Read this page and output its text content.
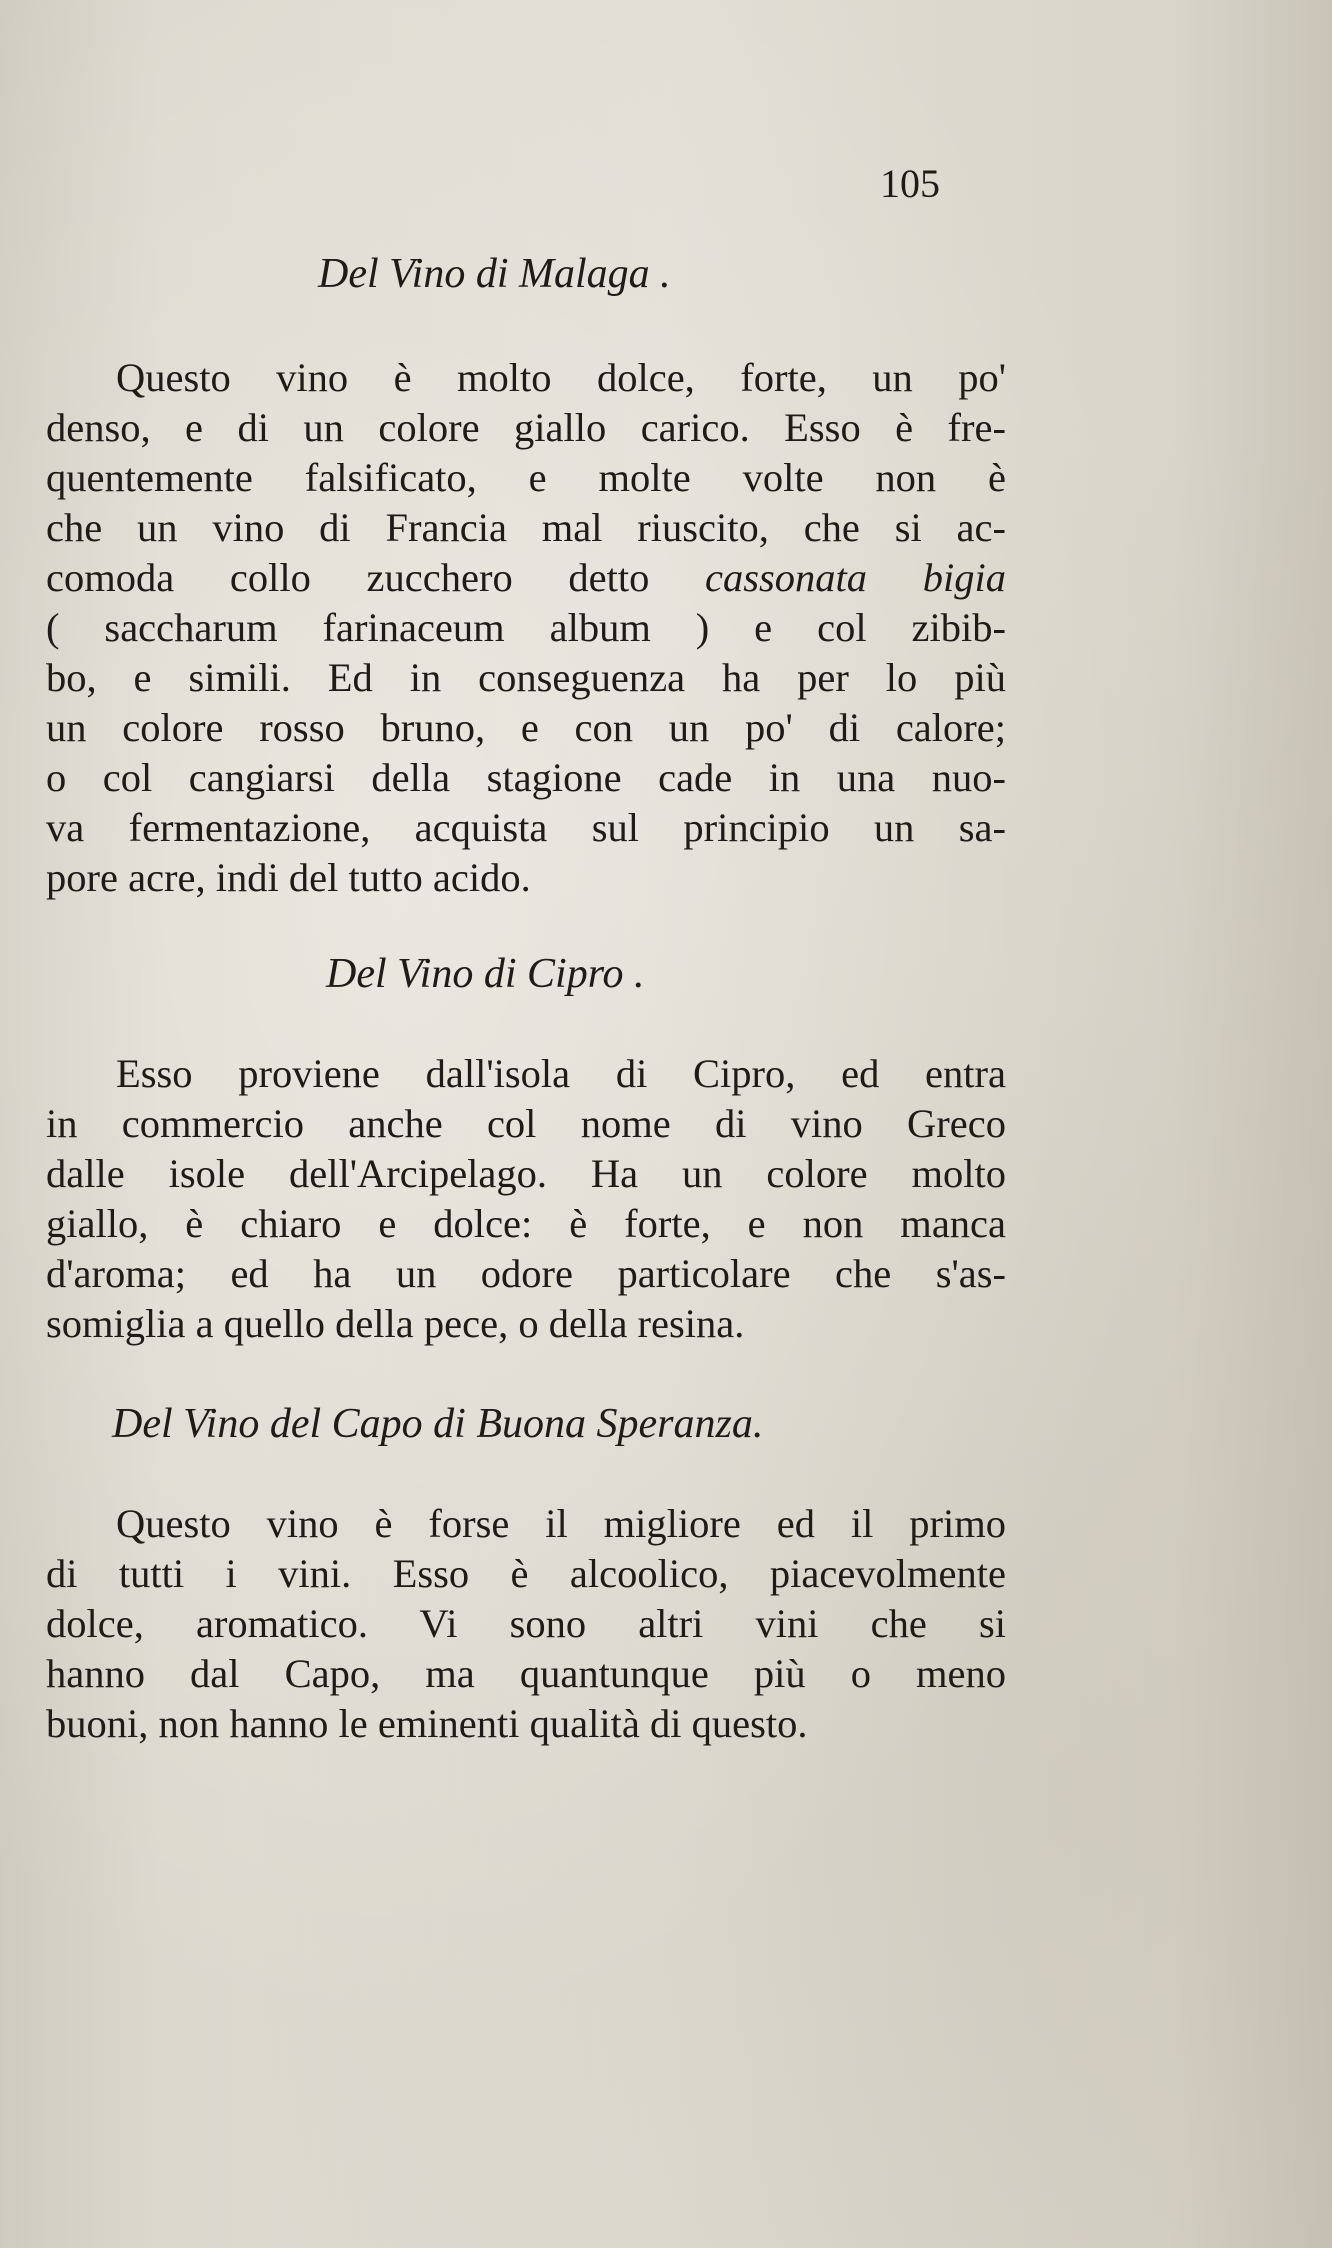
105
Del Vino di Malaga .
Questo vino è molto dolce, forte, un po'
denso, e di un colore giallo carico. Esso è fre-
quentemente falsificato, e molte volte non è
che un vino di Francia mal riuscito, che si ac-
comoda collo zucchero detto cassonata bigia
( saccharum farinaceum album ) e col zibib-
bo, e simili. Ed in conseguenza ha per lo più
un colore rosso bruno, e con un po' di calore;
o col cangiarsi della stagione cade in una nuo-
va fermentazione, acquista sul principio un sa-
pore acre, indi del tutto acido.
Del Vino di Cipro .
Esso proviene dall'isola di Cipro, ed entra
in commercio anche col nome di vino Greco
dalle isole dell'Arcipelago. Ha un colore molto
giallo, è chiaro e dolce: è forte, e non manca
d'aroma; ed ha un odore particolare che s'as-
somiglia a quello della pece, o della resina.
Del Vino del Capo di Buona Speranza.
Questo vino è forse il migliore ed il primo
di tutti i vini. Esso è alcoolico, piacevolmente
dolce, aromatico. Vi sono altri vini che si
hanno dal Capo, ma quantunque più o meno
buoni, non hanno le eminenti qualità di questo.
